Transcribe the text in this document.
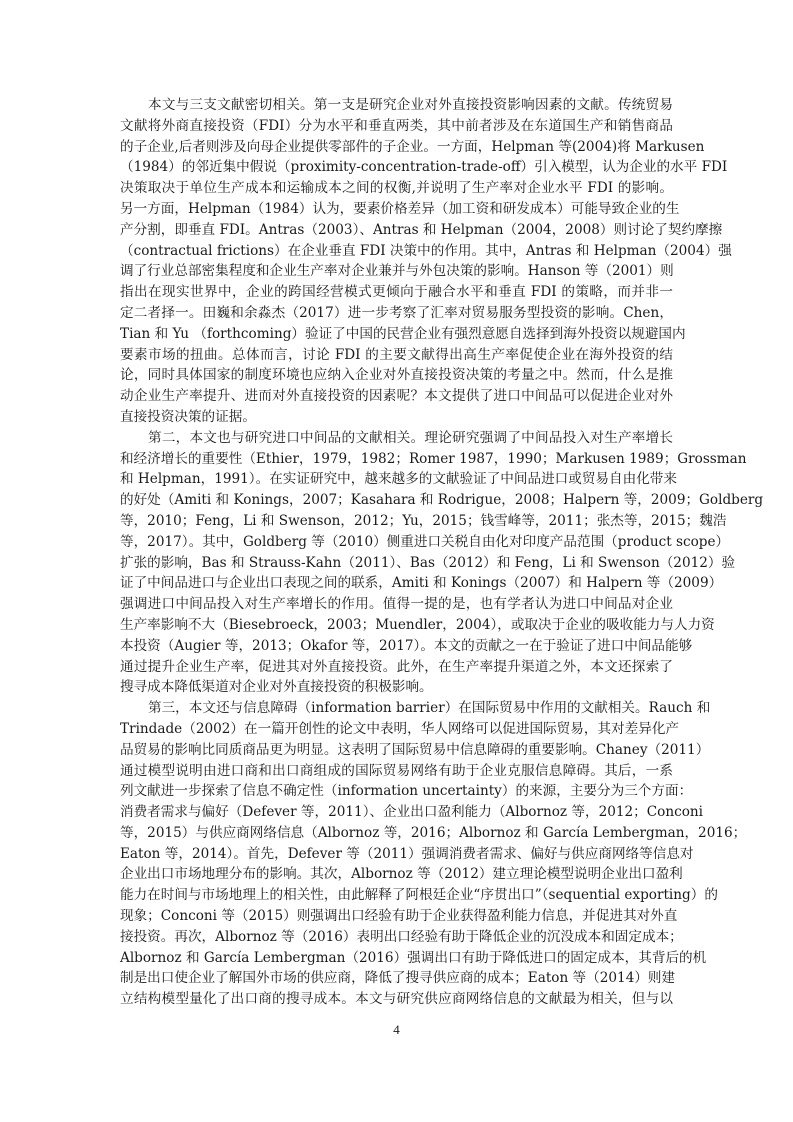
本文与三支文献密切相关。第一支是研究企业对外直接投资影响因素的文献。传统贸易
文献将外商直接投资（FDI）分为水平和垂直两类，其中前者涉及在东道国生产和销售商品
的子企业,后者则涉及向母企业提供零部件的子企业。一方面，Helpman 等(2004)将 Markusen
（1984）的邻近集中假说（proximity-concentration-trade-off）引入模型，认为企业的水平 FDI
决策取决于单位生产成本和运输成本之间的权衡,并说明了生产率对企业水平 FDI 的影响。
另一方面，Helpman（1984）认为，要素价格差异（加工资和研发成本）可能导致企业的生
产分割，即垂直 FDI。Antras（2003）、Antras 和 Helpman（2004，2008）则讨论了契约摩擦
（contractual frictions）在企业垂直 FDI 决策中的作用。其中，Antras 和 Helpman（2004）强
调了行业总部密集程度和企业生产率对企业兼并与外包决策的影响。Hanson 等（2001）则
指出在现实世界中，企业的跨国经营模式更倾向于融合水平和垂直 FDI 的策略，而并非一
定二者择一。田巍和余淼杰（2017）进一步考察了汇率对贸易服务型投资的影响。Chen，
Tian 和 Yu （forthcoming）验证了中国的民营企业有强烈意愿自选择到海外投资以规避国内
要素市场的扭曲。总体而言，讨论 FDI 的主要文献得出高生产率促使企业在海外投资的结
论，同时具体国家的制度环境也应纳入企业对外直接投资决策的考量之中。然而，什么是推
动企业生产率提升、进而对外直接投资的因素呢？本文提供了进口中间品可以促进企业对外
直接投资决策的证据。
第二，本文也与研究进口中间品的文献相关。理论研究强调了中间品投入对生产率增长
和经济增长的重要性（Ethier，1979，1982；Romer 1987，1990；Markusen 1989；Grossman
和 Helpman，1991）。在实证研究中，越来越多的文献验证了中间品进口或贸易自由化带来
的好处（Amiti 和 Konings，2007；Kasahara 和 Rodrigue，2008；Halpern 等，2009；Goldberg
等，2010；Feng，Li 和 Swenson，2012；Yu，2015；钱雪峰等，2011；张杰等，2015；魏浩
等，2017）。其中，Goldberg 等（2010）侧重进口关税自由化对印度产品范围（product scope）
扩张的影响，Bas 和 Strauss-Kahn（2011）、Bas（2012）和 Feng，Li 和 Swenson（2012）验
证了中间品进口与企业出口表现之间的联系，Amiti 和 Konings（2007）和 Halpern 等（2009）
强调进口中间品投入对生产率增长的作用。值得一提的是，也有学者认为进口中间品对企业
生产率影响不大（Biesebroeck，2003；Muendler，2004），或取决于企业的吸收能力与人力资
本投资（Augier 等，2013；Okafor 等，2017）。本文的贡献之一在于验证了进口中间品能够
通过提升企业生产率，促进其对外直接投资。此外，在生产率提升渠道之外，本文还探索了
搜寻成本降低渠道对企业对外直接投资的积极影响。
第三，本文还与信息障碍（information barrier）在国际贸易中作用的文献相关。Rauch 和
Trindade（2002）在一篇开创性的论文中表明，华人网络可以促进国际贸易，其对差异化产
品贸易的影响比同质商品更为明显。这表明了国际贸易中信息障碍的重要影响。Chaney（2011）
通过模型说明由进口商和出口商组成的国际贸易网络有助于企业克服信息障碍。其后，一系
列文献进一步探索了信息不确定性（information uncertainty）的来源，主要分为三个方面：
消费者需求与偏好（Defever 等，2011）、企业出口盈利能力（Albornoz 等，2012；Conconi
等，2015）与供应商网络信息（Albornoz 等，2016；Albornoz 和 García Lembergman，2016；
Eaton 等，2014）。首先，Defever 等（2011）强调消费者需求、偏好与供应商网络等信息对
企业出口市场地理分布的影响。其次，Albornoz 等（2012）建立理论模型说明企业出口盈利
能力在时间与市场地理上的相关性，由此解释了阿根廷企业“序贯出口”（sequential exporting）的
现象；Conconi 等（2015）则强调出口经验有助于企业获得盈利能力信息，并促进其对外直
接投资。再次，Albornoz 等（2016）表明出口经验有助于降低企业的沉没成本和固定成本；
Albornoz 和 García Lembergman（2016）强调出口有助于降低进口的固定成本，其背后的机
制是出口使企业了解国外市场的供应商，降低了搜寻供应商的成本；Eaton 等（2014）则建
立结构模型量化了出口商的搜寻成本。本文与研究供应商网络信息的文献最为相关，但与以
4
